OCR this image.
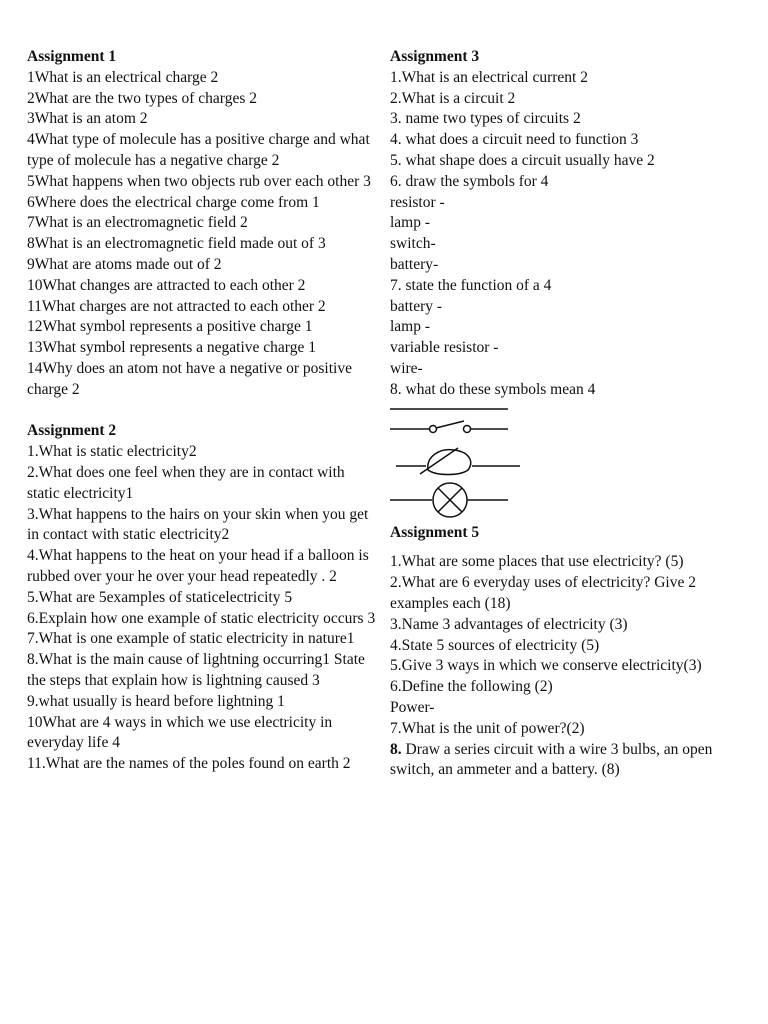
Assignment 1
1What is an electrical charge 2
2What are the two types of charges 2
3What is an atom 2
4What type of molecule has a positive charge and what type of molecule has a negative charge 2
5What happens when two objects rub over each other 3
6Where does the electrical charge come from 1
7What is an electromagnetic field 2
8What is an electromagnetic field made out of 3
9What are atoms made out of 2
10What changes are attracted to each other 2
11What charges are not attracted to each other 2
12What symbol represents a positive charge 1
13What symbol represents a negative charge 1
14Why does an atom not have a negative or positive charge 2
Assignment 2
1.What is static electricity2
2.What does one feel when they are in contact with static electricity1
3.What happens to the hairs on your skin when you get in contact with static electricity2
4.What happens to the heat on your head if a balloon is rubbed over your he over your head repeatedly . 2
5.What are 5examples of staticelectricity 5
6.Explain how one example of static electricity occurs 3
7.What is one example of static electricity in nature1
8.What is the main cause of lightning occurring1 State the steps that explain how is lightning caused 3
9.what usually is heard before lightning 1
10What are 4 ways in which we use electricity in everyday life 4
11.What are the names of the poles found on earth 2
Assignment 3
1.What is an electrical current 2
2.What is a circuit 2
3. name two types of circuits 2
4. what does a circuit need to function 3
5. what shape does a circuit usually have 2
6. draw the symbols for 4
resistor -
lamp -
switch-
battery-
7. state the function of a 4
battery -
lamp -
variable resistor -
wire-
8. what do these symbols mean 4
Assignment 5
1.What are some places that use electricity? (5)
2.What are 6 everyday uses of electricity? Give 2 examples each (18)
3.Name 3 advantages of electricity (3)
4.State 5 sources of electricity (5)
5.Give 3 ways in which we conserve electricity(3)
6.Define the following (2)
Power-
7.What is the unit of power?(2)
8. Draw a series circuit with a wire 3 bulbs, an open switch, an ammeter and a battery. (8)
